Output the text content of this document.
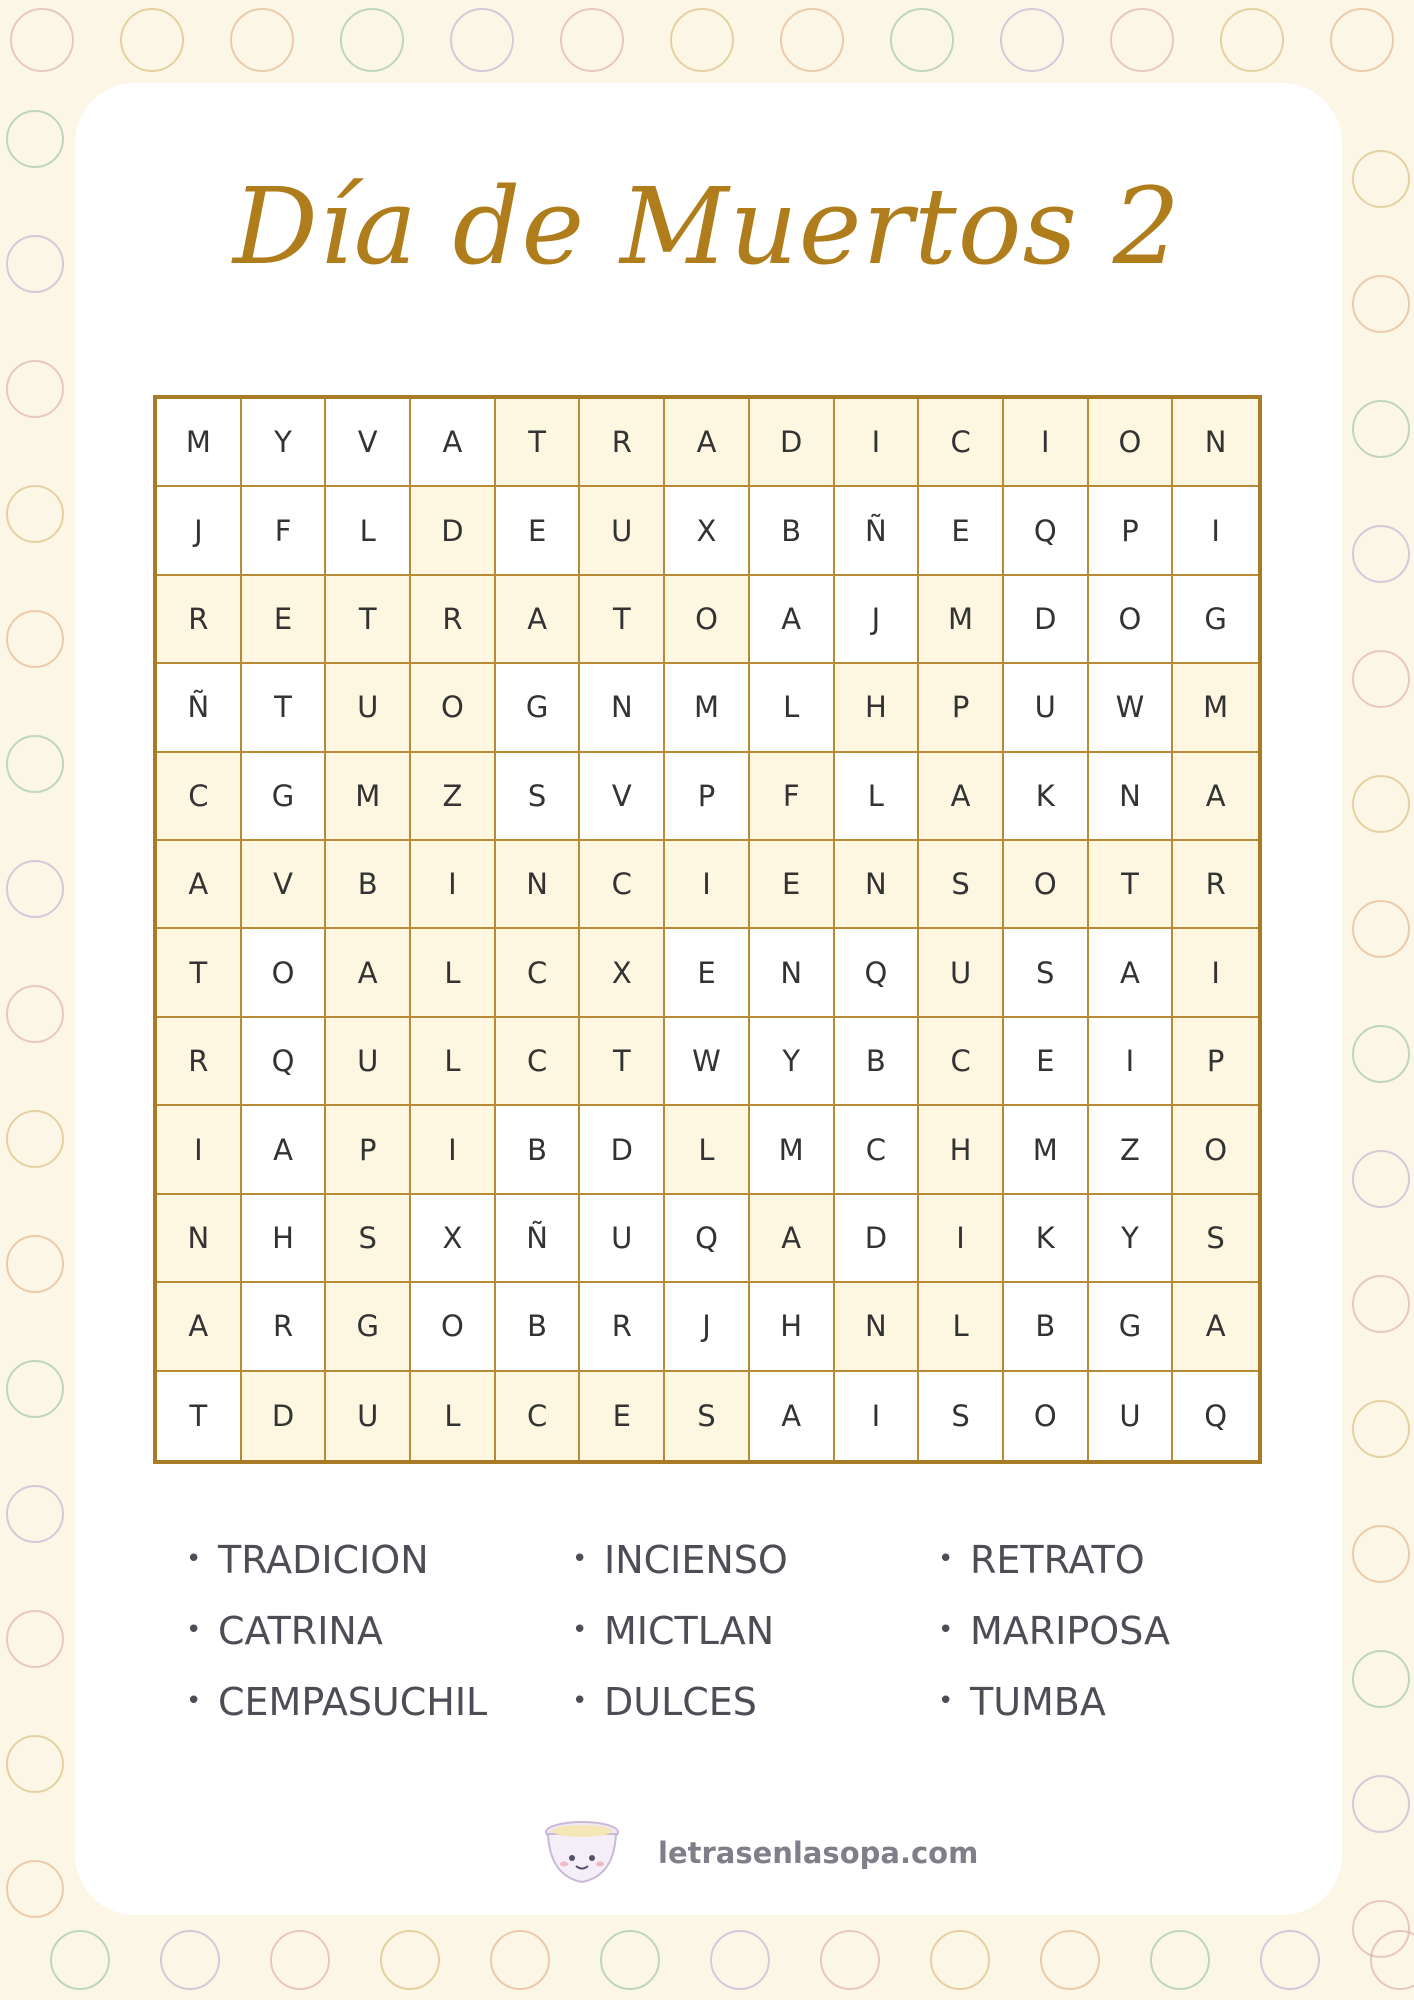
Día de Muertos 2
M	Y	V	A	T	R	A	D	I	C	I	O	N
J	F	L	D	E	U	X	B	Ñ	E	Q	P	I
R	E	T	R	A	T	O	A	J	M	D	O	G
Ñ	T	U	O	G	N	M	L	H	P	U	W	M
C	G	M	Z	S	V	P	F	L	A	K	N	A
A	V	B	I	N	C	I	E	N	S	O	T	R
T	O	A	L	C	X	E	N	Q	U	S	A	I
R	Q	U	L	C	T	W	Y	B	C	E	I	P
I	A	P	I	B	D	L	M	C	H	M	Z	O
N	H	S	X	Ñ	U	Q	A	D	I	K	Y	S
A	R	G	O	B	R	J	H	N	L	B	G	A
T	D	U	L	C	E	S	A	I	S	O	U	Q
• TRADICION
• CATRINA
• CEMPASUCHIL
• INCIENSO
• MICTLAN
• DULCES
• RETRATO
• MARIPOSA
• TUMBA
letrasenlasopa.com
